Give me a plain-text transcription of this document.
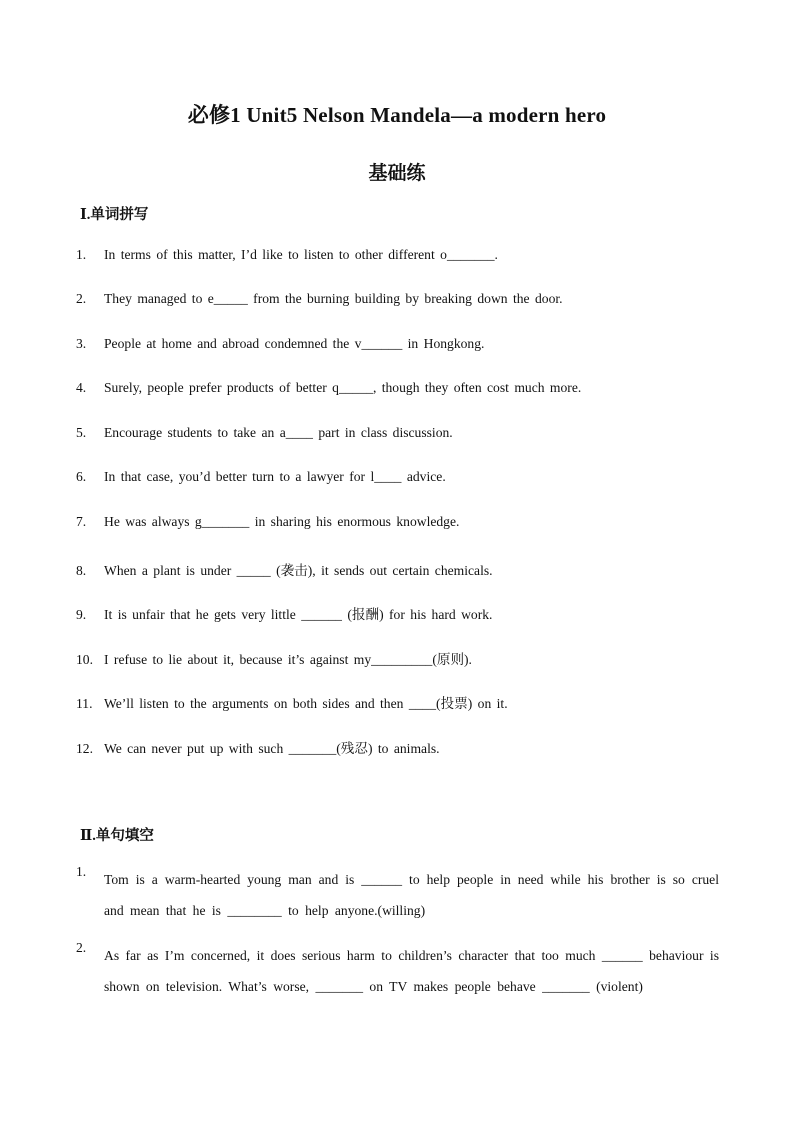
必修1 Unit5 Nelson Mandela—a modern hero
基础练
Ⅰ.单词拼写
1. In terms of this matter, I’d like to listen to other different o_______.
2. They managed to e_____ from the burning building by breaking down the door.
3. People at home and abroad condemned the v______ in Hongkong.
4. Surely, people prefer products of better q_____, though they often cost much more.
5. Encourage students to take an a____ part in class discussion.
6. In that case, you’d better turn to a lawyer for l____ advice.
7. He was always g_______ in sharing his enormous knowledge.
8. When a plant is under _____ (袭击), it sends out certain chemicals.
9. It is unfair that he gets very little ______ (报酬) for his hard work.
10. I refuse to lie about it, because it’s against my_________(原则).
11. We’ll listen to the arguments on both sides and then ____(投票) on it.
12. We can never put up with such _______(残忍) to animals.
Ⅱ.单句填空
1.
Tom is a warm-hearted young man and is ______ to help people in need while his brother is so cruel and mean that he is ________ to help anyone.(willing)
2.
As far as I’m concerned, it does serious harm to children’s character that too much ______ behaviour is shown on television. What’s worse, _______ on TV makes people behave _______ (violent)
